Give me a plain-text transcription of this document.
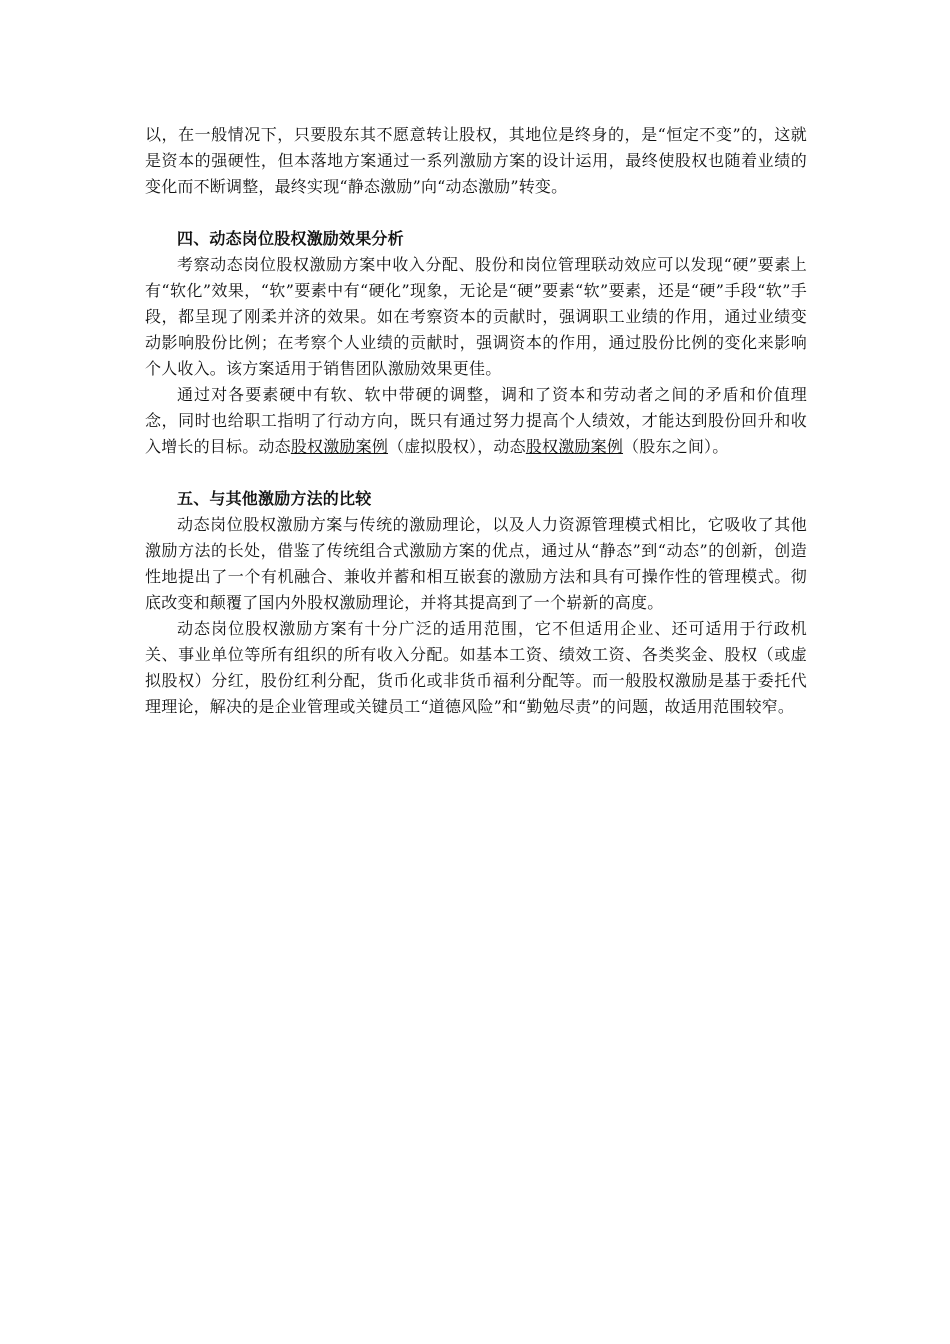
以，在一般情况下，只要股东其不愿意转让股权，其地位是终身的，是“恒定不变”的，这就是资本的强硬性，但本落地方案通过一系列激励方案的设计运用，最终使股权也随着业绩的变化而不断调整，最终实现“静态激励”向“动态激励”转变。

四、动态岗位股权激励效果分析

考察动态岗位股权激励方案中收入分配、股份和岗位管理联动效应可以发现“硬”要素上有“软化”效果，“软”要素中有“硬化”现象，无论是“硬”要素“软”要素，还是“硬”手段“软”手段，都呈现了刚柔并济的效果。如在考察资本的贡献时，强调职工业绩的作用，通过业绩变动影响股份比例；在考察个人业绩的贡献时，强调资本的作用，通过股份比例的变化来影响个人收入。该方案适用于销售团队激励效果更佳。

通过对各要素硬中有软、软中带硬的调整，调和了资本和劳动者之间的矛盾和价值理念，同时也给职工指明了行动方向，既只有通过努力提高个人绩效，才能达到股份回升和收入增长的目标。动态股权激励案例（虚拟股权），动态股权激励案例（股东之间）。

五、与其他激励方法的比较

动态岗位股权激励方案与传统的激励理论，以及人力资源管理模式相比，它吸收了其他激励方法的长处，借鉴了传统组合式激励方案的优点，通过从“静态”到“动态”的创新，创造性地提出了一个有机融合、兼收并蓄和相互嵌套的激励方法和具有可操作性的管理模式。彻底改变和颠覆了国内外股权激励理论，并将其提高到了一个崭新的高度。

动态岗位股权激励方案有十分广泛的适用范围，它不但适用企业、还可适用于行政机关、事业单位等所有组织的所有收入分配。如基本工资、绩效工资、各类奖金、股权（或虚拟股权）分红，股份红利分配，货币化或非货币福利分配等。而一般股权激励是基于委托代理理论，解决的是企业管理或关键员工“道德风险”和“勤勉尽责”的问题，故适用范围较窄。
